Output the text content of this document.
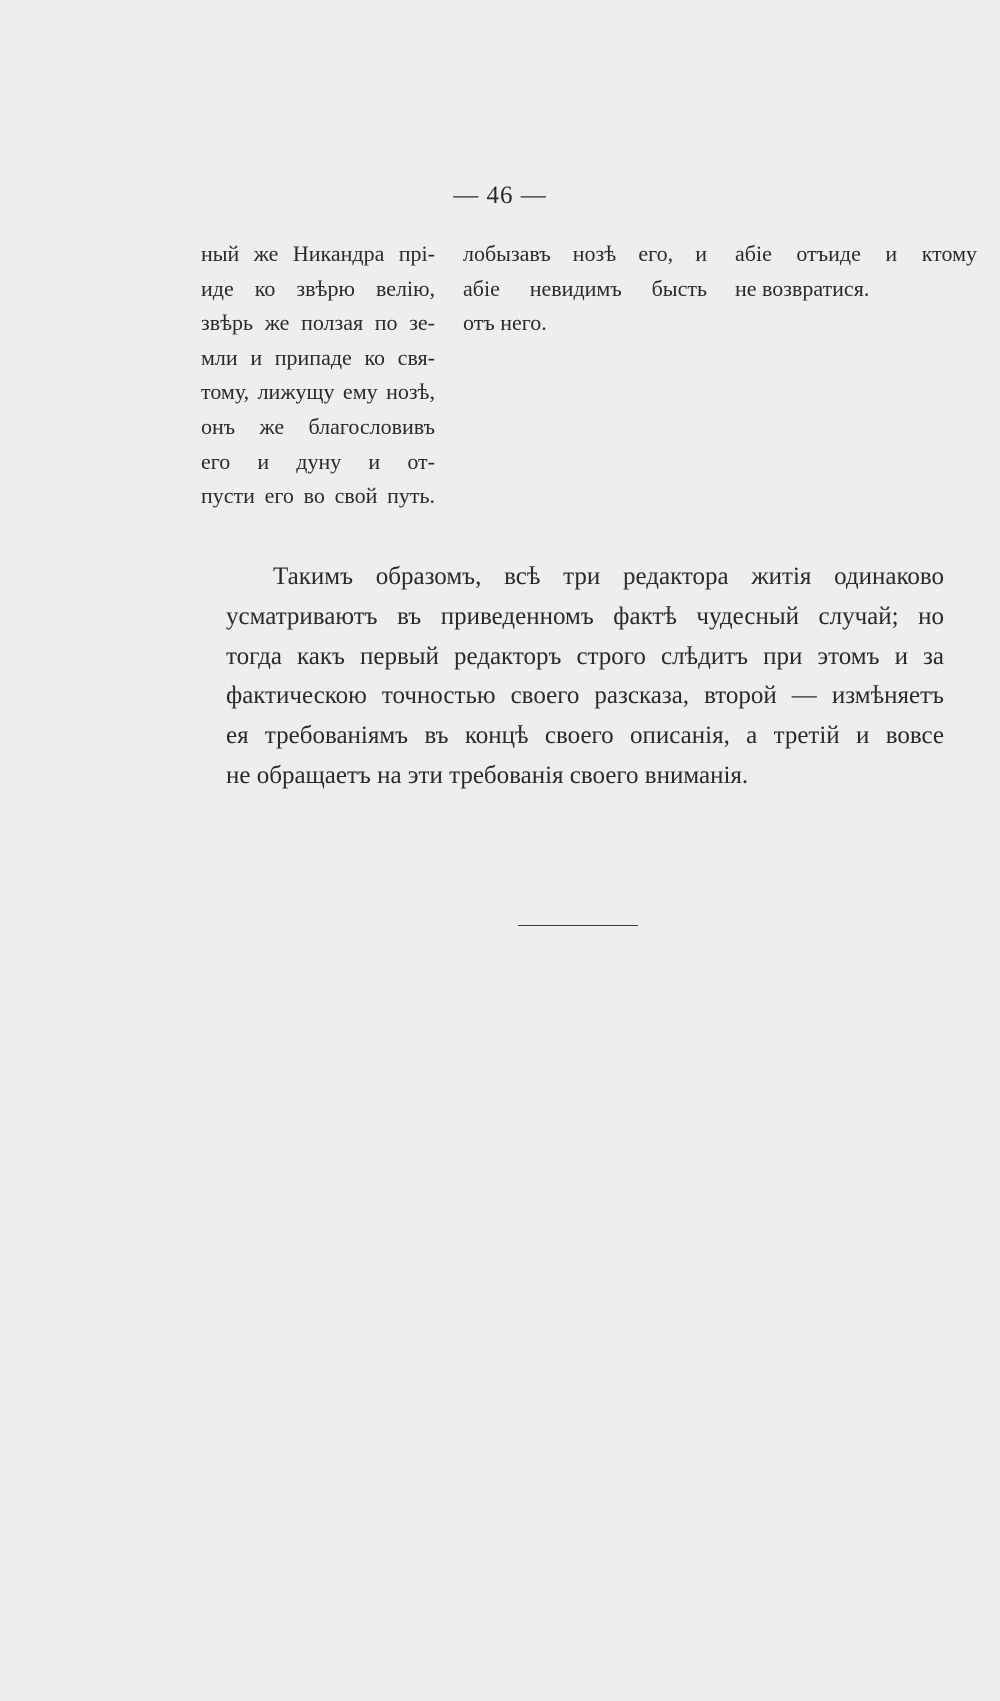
— 46 —
ный же Никандра прі-
иде ко звѣрю велію,
звѣрь же ползая по зе-
мли и припаде ко свя-
тому, лижущу ему нозѣ,
онъ же благословивъ
его и дуну и от-
пусти его во свой путь.
лобызавъ нозѣ его, и
абіе невидимъ бысть
отъ него.
абіе отъиде и ктому
не возвратися.
Такимъ образомъ, всѣ три редактора житія одинаково
усматриваютъ въ приведенномъ фактѣ чудесный случай; но
тогда какъ первый редакторъ строго слѣдитъ при этомъ и за
фактическою точностью своего разсказа, второй — измѣняетъ
ея требованіямъ въ концѣ своего описанія, а третій и вовсе
не обращаетъ на эти требованія своего вниманія.
